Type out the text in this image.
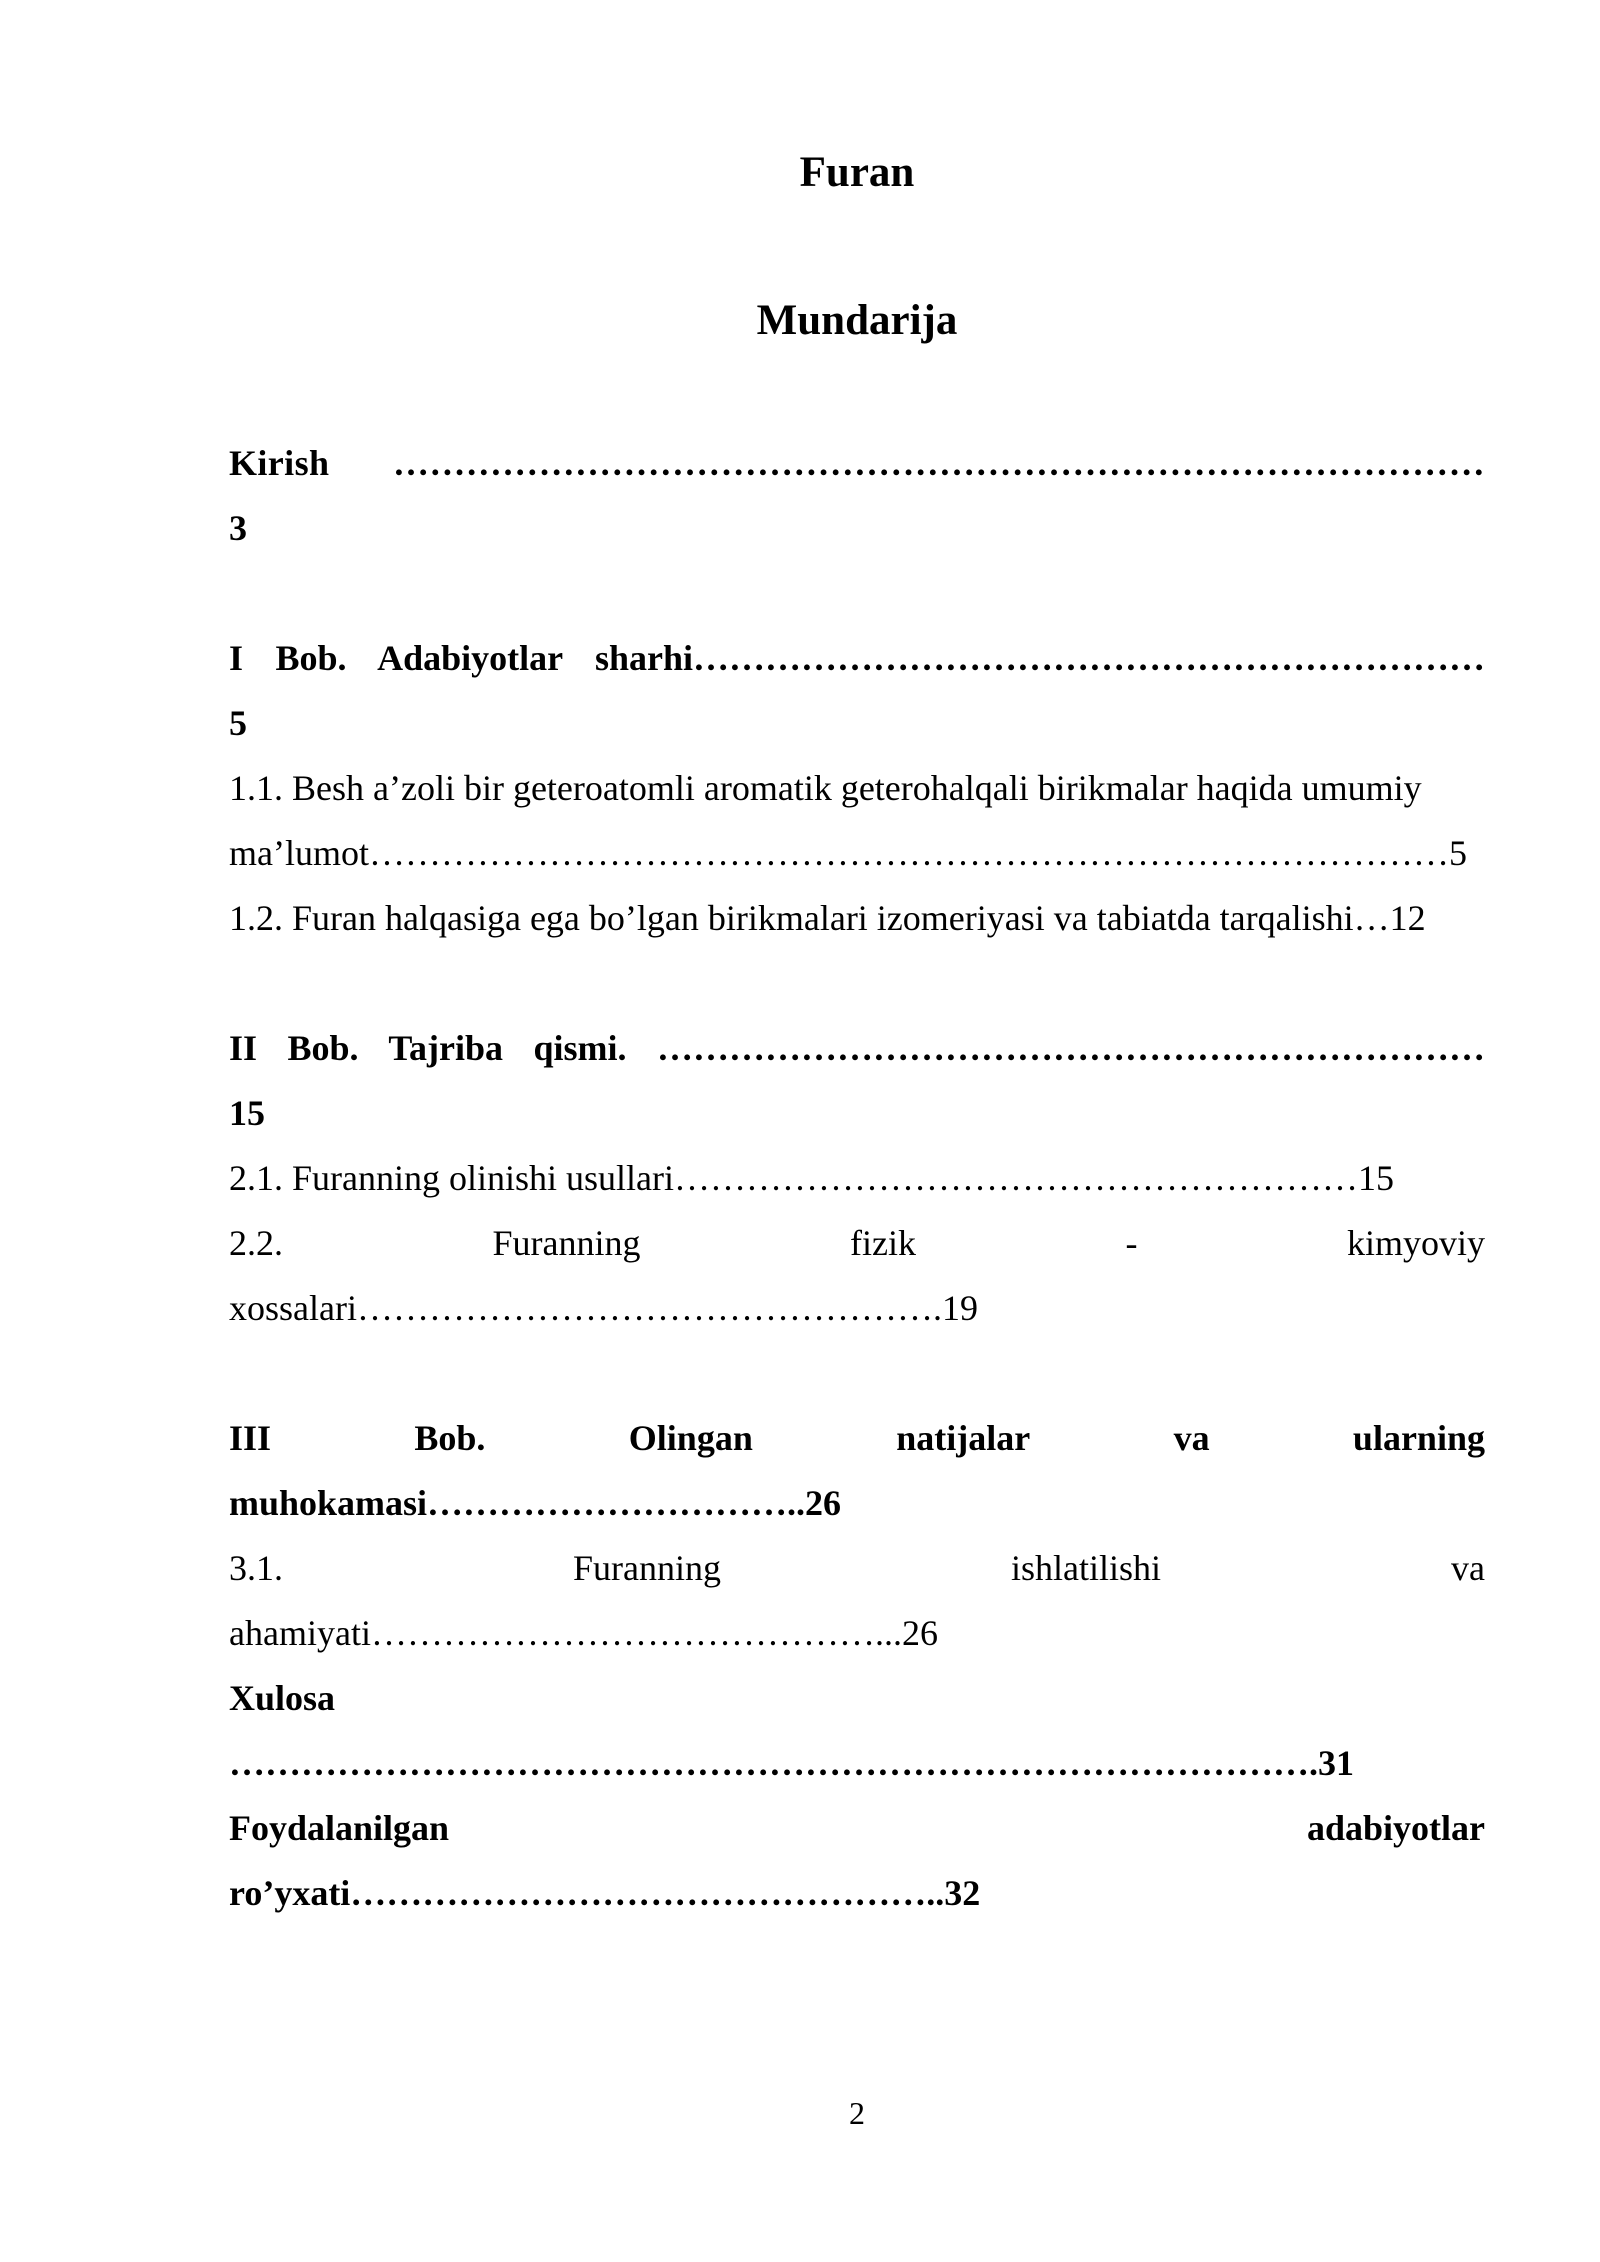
Furan
Mundarija

Kirish ………………………………………………………………………………

3

I Bob. Adabiyotlar sharhi…………………………………………………………

5

1.1. Besh a’zoli bir geteroatomli aromatik geterohalqali birikmalar haqida umumiy

ma’lumot………………………………………………………………………………5

1.2. Furan halqasiga ega bo’lgan birikmalari izomeriyasi va tabiatda tarqalishi…12

II Bob. Tajriba qismi. ……………………………………………………………

15

2.1. Furanning olinishi usullari…………………………………………………15

2.2.	Furanning	fizik	-	kimyoviy

xossalari………………………………………….19

III	Bob.	Olingan	natijalar	va	ularning

muhokamasi…………………………..26

3.1.	Furanning	ishlatilishi	va

ahamiyati……………………………………...26

Xulosa

……………………………………………………………………………….31

Foydalanilgan	adabiyotlar

ro’yxati…………………………………………..32

2
